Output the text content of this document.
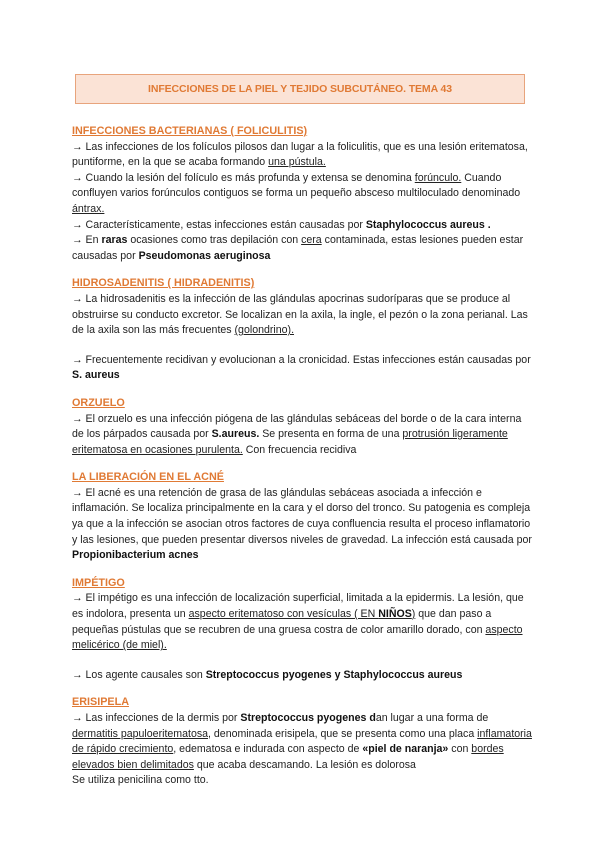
INFECCIONES DE LA PIEL Y TEJIDO SUBCUTÁNEO. TEMA 43
INFECCIONES BACTERIANAS ( FOLICULITIS)

→ Las infecciones de los folículos pilosos dan lugar a la foliculitis, que es una lesión eritematosa, puntiforme, en la que se acaba formando una pústula.

→ Cuando la lesión del folículo es más profunda y extensa se denomina forúnculo. Cuando confluyen varios forúnculos contiguos se forma un pequeño absceso multiloculado denominado ántrax.

→ Característicamente, estas infecciones están causadas por Staphylococcus aureus .

→ En raras ocasiones como tras depilación con cera contaminada, estas lesiones pueden estar causadas por Pseudomonas aeruginosa

HIDROSADENITIS ( HIDRADENITIS)

→ La hidrosadenitis es la infección de las glándulas apocrinas sudoríparas que se produce al obstruirse su conducto excretor. Se localizan en la axila, la ingle, el pezón o la zona perianal. Las de la axila son las más frecuentes (golondrino).

→ Frecuentemente recidivan y evolucionan a la cronicidad. Estas infecciones están causadas por S. aureus

ORZUELO

→ El orzuelo es una infección piógena de las glándulas sebáceas del borde o de la cara interna de los párpados causada por S.aureus. Se presenta en forma de una protrusión ligeramente eritematosa en ocasiones purulenta. Con frecuencia recidiva

LA LIBERACIÓN EN EL ACNÉ

→ El acné es una retención de grasa de las glándulas sebáceas asociada a infección e inflamación. Se localiza principalmente en la cara y el dorso del tronco. Su patogenia es compleja ya que a la infección se asocian otros factores de cuya confluencia resulta el proceso inflamatorio y las lesiones, que pueden presentar diversos niveles de gravedad. La infección está causada por Propionibacterium acnes

IMPÉTIGO

→ El impétigo es una infección de localización superficial, limitada a la epidermis. La lesión, que es indolora, presenta un aspecto eritematoso con vesículas ( EN NIÑOS) que dan paso a pequeñas pústulas que se recubren de una gruesa costra de color amarillo dorado, con aspecto melicérico (de miel).

→ Los agente causales son Streptococcus pyogenes y Staphylococcus aureus

ERISIPELA

→ Las infecciones de la dermis por Streptococcus pyogenes dan lugar a una forma de dermatitis papuloeritematosa, denominada erisipela, que se presenta como una placa inflamatoria de rápido crecimiento, edematosa e indurada con aspecto de «piel de naranja» con bordes elevados bien delimitados que acaba descamando. La lesión es dolorosa

Se utiliza penicilina como tto.
